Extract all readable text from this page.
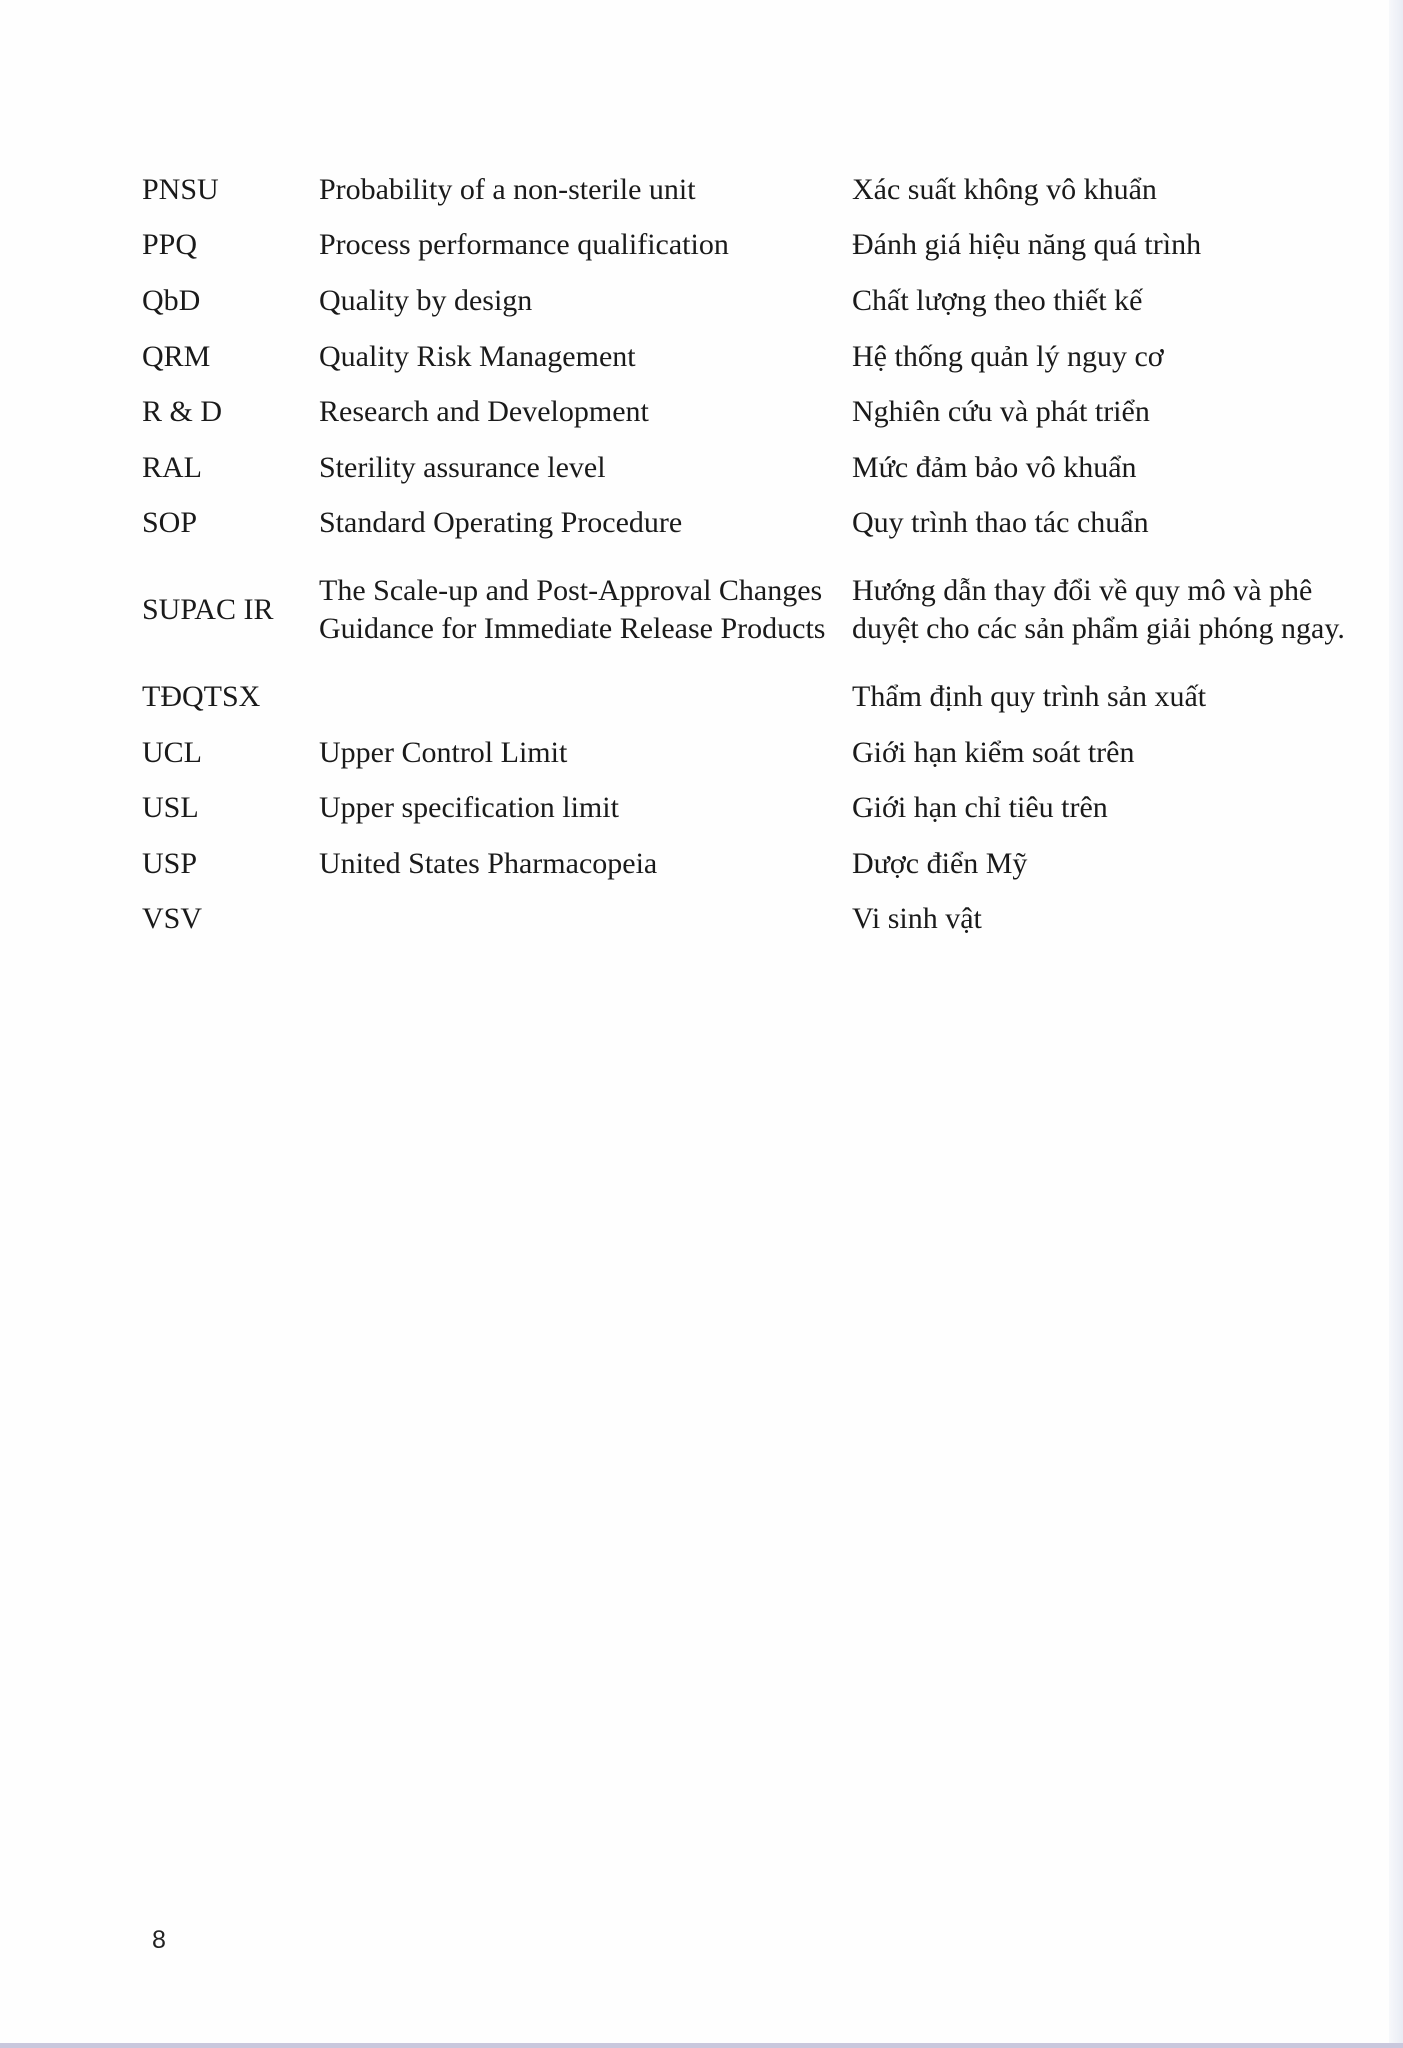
PNSU	Probability of a non-sterile unit	Xác suất không vô khuẩn
PPQ	Process performance qualification	Đánh giá hiệu năng quá trình
QbD	Quality by design	Chất lượng theo thiết kế
QRM	Quality Risk Management	Hệ thống quản lý nguy cơ
R & D	Research and Development	Nghiên cứu và phát triển
RAL	Sterility assurance level	Mức đảm bảo vô khuẩn
SOP	Standard Operating Procedure	Quy trình thao tác chuẩn
SUPAC IR	The Scale-up and Post-Approval Changes Guidance for Immediate Release Products	Hướng dẫn thay đổi về quy mô và phê duyệt cho các sản phẩm giải phóng ngay.
TĐQTSX		Thẩm định quy trình sản xuất
UCL	Upper Control Limit	Giới hạn kiểm soát trên
USL	Upper specification limit	Giới hạn chỉ tiêu trên
USP	United States Pharmacopeia	Dược điển Mỹ
VSV		Vi sinh vật
8
